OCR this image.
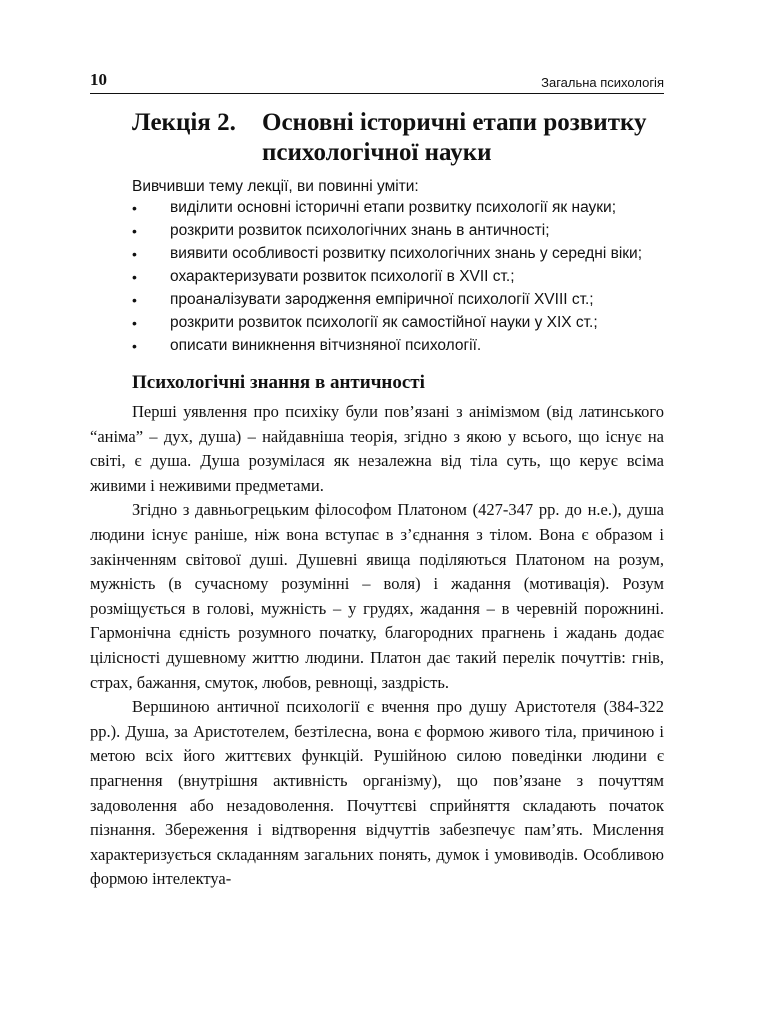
10	Загальна психологія
Лекція 2.	Основні історичні етапи розвитку психологічної науки

Вивчивши тему лекції, ви повинні уміти:

• виділити основні історичні етапи розвитку психології як науки;
• розкрити розвиток психологічних знань в античності;
• виявити особливості розвитку психологічних знань у середні віки;
• охарактеризувати розвиток психології в XVII ст.;
• проаналізувати зародження емпіричної психології XVIII ст.;
• розкрити розвиток психології як самостійної науки у XIX ст.;
• описати виникнення вітчизняної психології.
Психологічні знання в античності

Перші уявлення про психіку були пов’язані з анімізмом (від латинського “аніма” – дух, душа) – найдавніша теорія, згідно з якою у всього, що існує на світі, є душа. Душа розумілася як незалежна від тіла суть, що керує всіма живими і неживими предметами.

Згідно з давньогрецьким філософом Платоном (427-347 рр. до н.е.), душа людини існує раніше, ніж вона вступає в з’єднання з тілом. Вона є образом і закінченням світової душі. Душевні явища поділяються Платоном на розум, мужність (в сучасному розумінні – воля) і жадання (мотивація). Розум розміщується в голові, мужність – у грудях, жадання – в черевній порожнині. Гармонічна єдність розумного початку, благородних прагнень і жадань додає цілісності душевному життю людини. Платон дає такий перелік почуттів: гнів, страх, бажання, смуток, любов, ревнощі, заздрість.

Вершиною античної психології є вчення про душу Аристотеля (384-322 рр.). Душа, за Аристотелем, безтілесна, вона є формою живого тіла, причиною і метою всіх його життєвих функцій. Рушійною силою поведінки людини є прагнення (внутрішня активність організму), що пов’язане з почуттям задоволення або незадоволення. Почуттєві сприйняття складають початок пізнання. Збереження і відтворення відчуттів забезпечує пам’ять. Мислення характеризується складанням загальних понять, думок і умовиводів. Особливою формою інтелектуа-
